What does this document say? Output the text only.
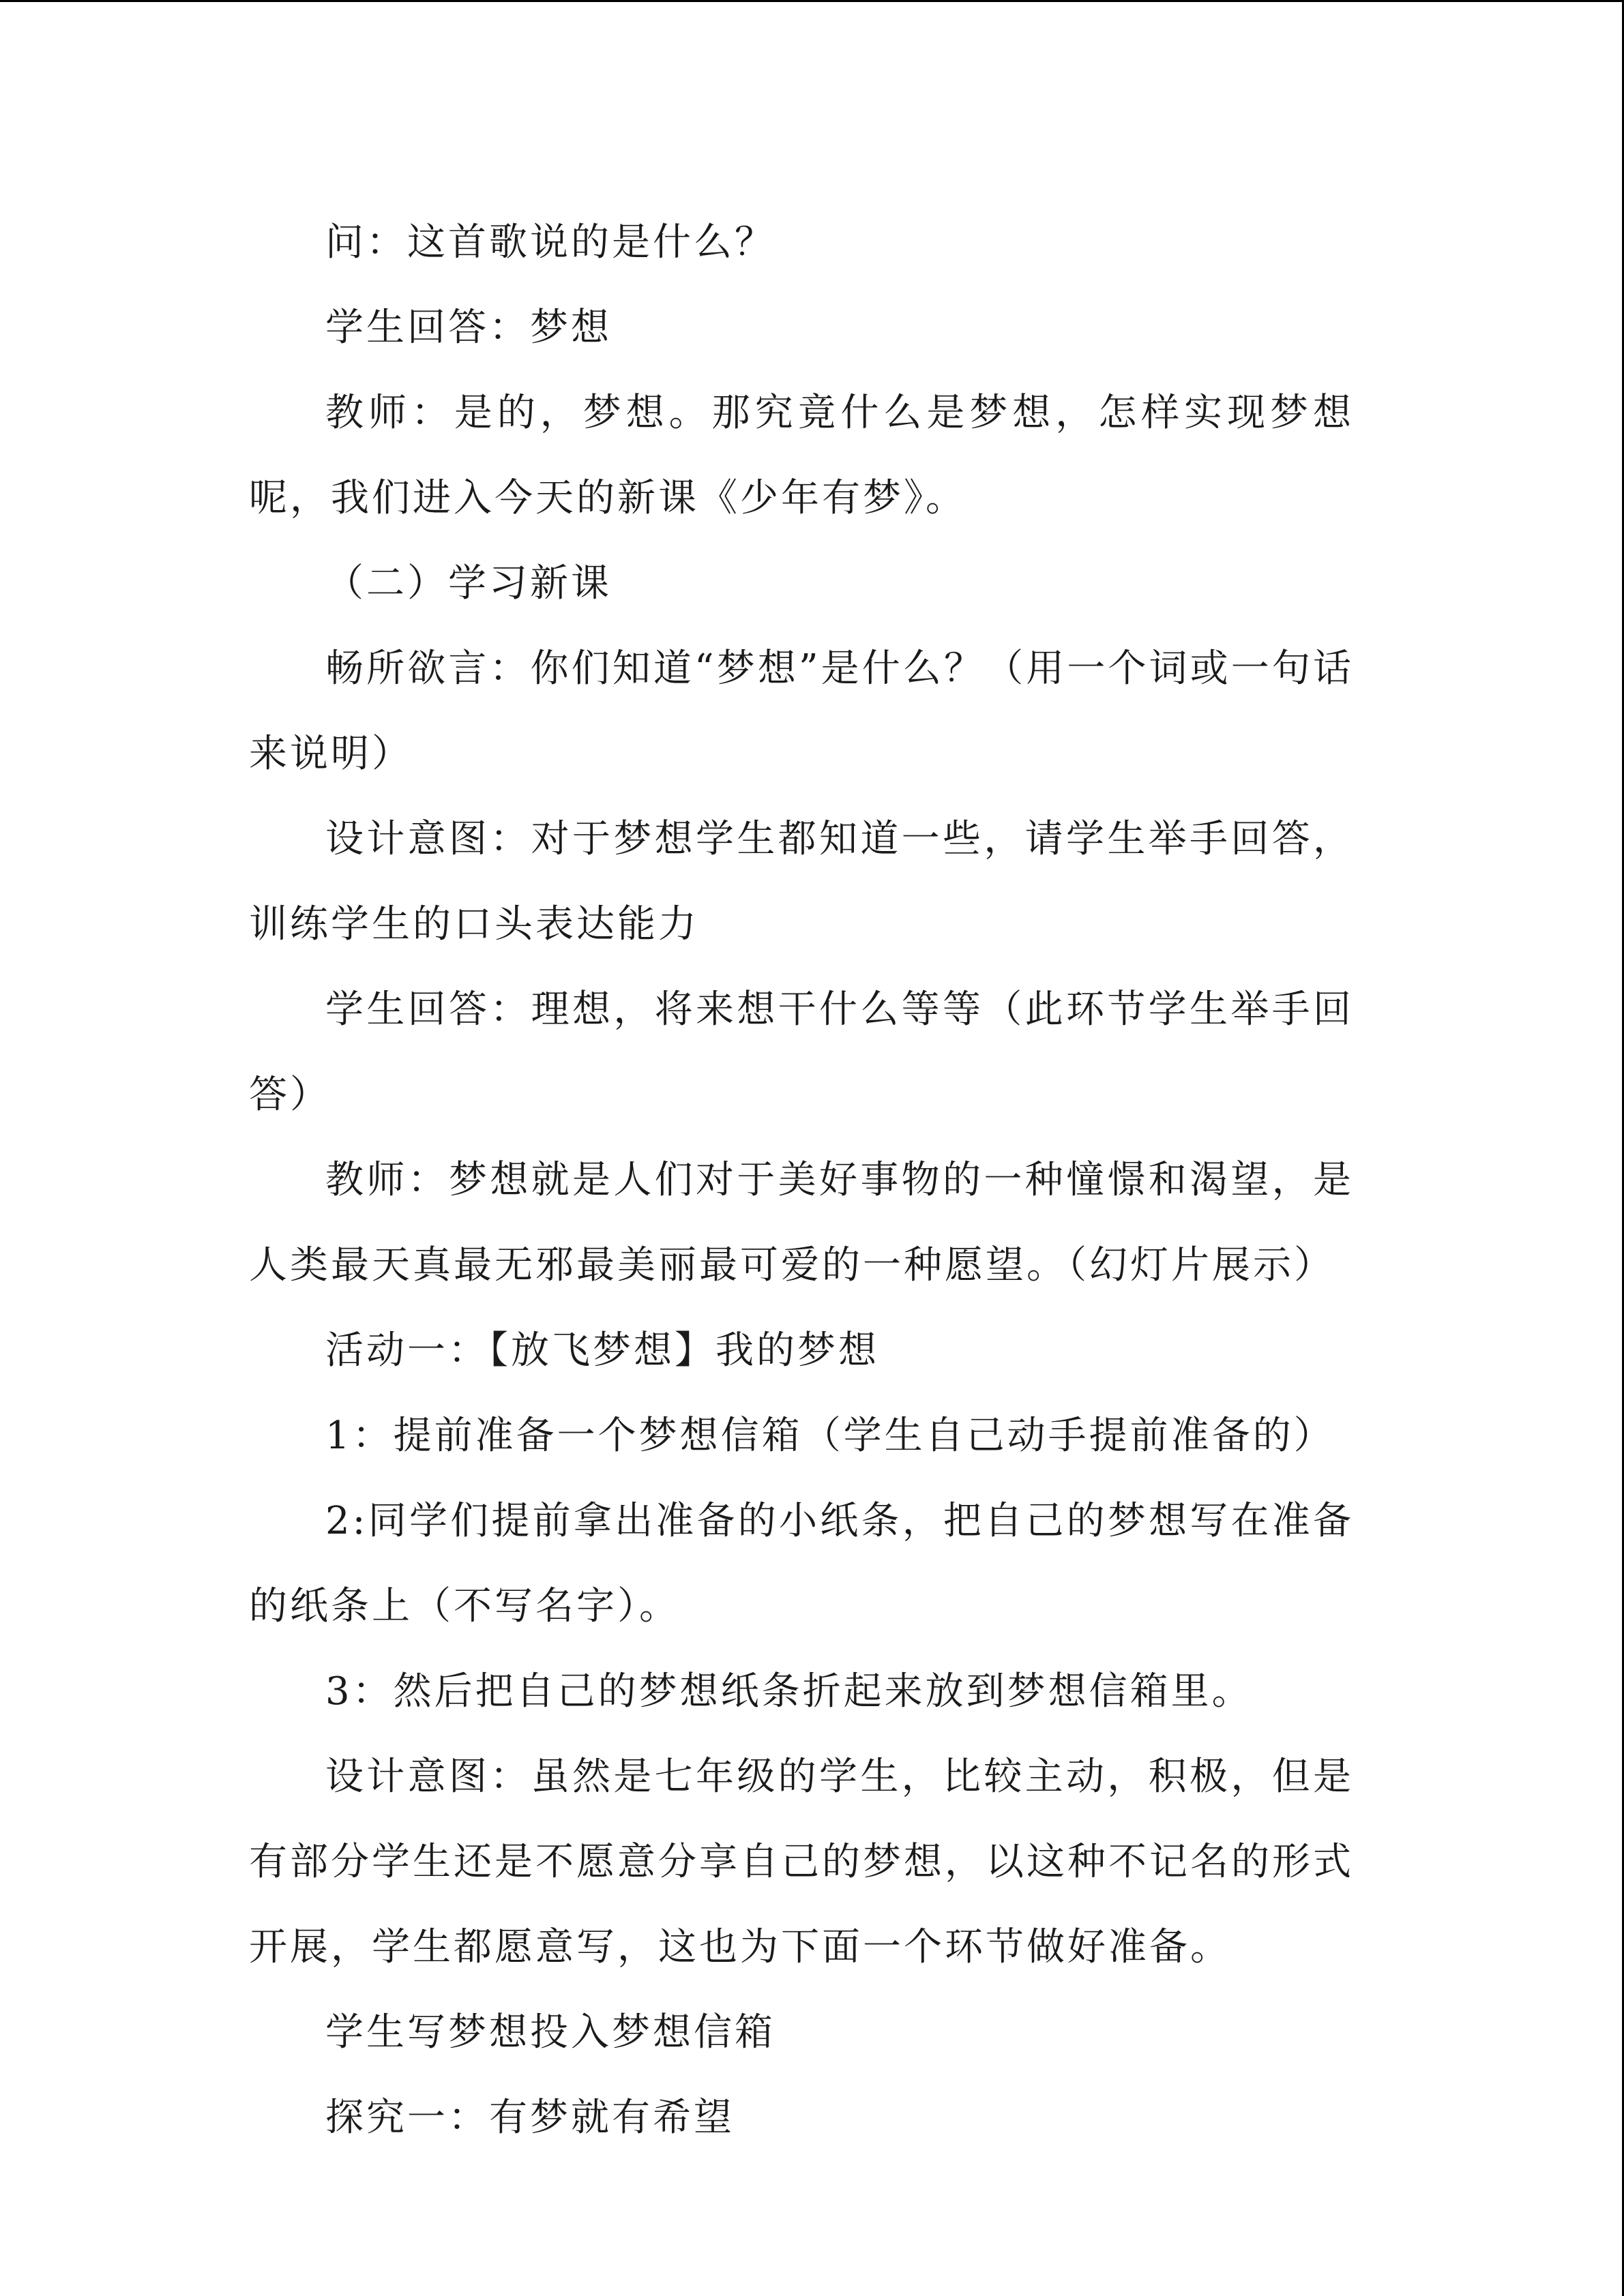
问：这首歌说的是什么？

学生回答：梦想

教师：是的，梦想。那究竟什么是梦想，怎样实现梦想呢，我们进入今天的新课《少年有梦》。

（二）学习新课

畅所欲言：你们知道“梦想”是什么？（用一个词或一句话来说明）

设计意图：对于梦想学生都知道一些，请学生举手回答，训练学生的口头表达能力

学生回答：理想，将来想干什么等等（此环节学生举手回答）

教师：梦想就是人们对于美好事物的一种憧憬和渴望，是人类最天真最无邪最美丽最可爱的一种愿望。（幻灯片展示）

活动一：【放飞梦想】我的梦想

1：提前准备一个梦想信箱（学生自己动手提前准备的）

2:同学们提前拿出准备的小纸条，把自己的梦想写在准备的纸条上（不写名字）。

3：然后把自己的梦想纸条折起来放到梦想信箱里。

设计意图：虽然是七年级的学生，比较主动，积极，但是有部分学生还是不愿意分享自己的梦想，以这种不记名的形式开展，学生都愿意写，这也为下面一个环节做好准备。

学生写梦想投入梦想信箱

探究一：有梦就有希望
